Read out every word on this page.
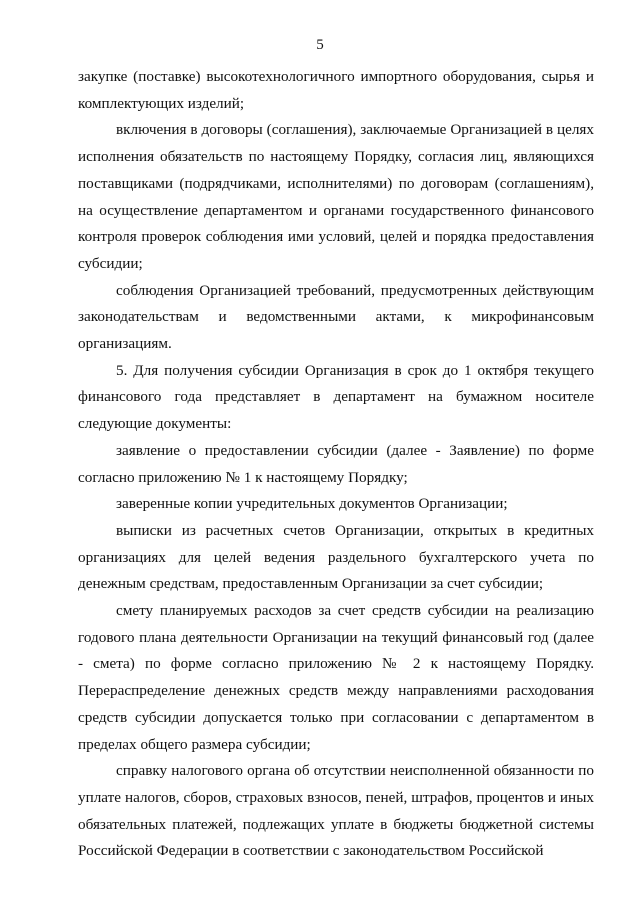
5

закупке (поставке) высокотехнологичного импортного оборудования, сырья и комплектующих изделий;

включения в договоры (соглашения), заключаемые Организацией в целях исполнения обязательств по настоящему Порядку, согласия лиц, являющихся поставщиками (подрядчиками, исполнителями) по договорам (соглашениям), на осуществление департаментом и органами государственного финансового контроля проверок соблюдения ими условий, целей и порядка предоставления субсидии;

соблюдения Организацией требований, предусмотренных действующим законодательствам и ведомственными актами, к микрофинансовым организациям.

5. Для получения субсидии Организация в срок до 1 октября текущего финансового года представляет в департамент на бумажном носителе следующие документы:

заявление о предоставлении субсидии (далее - Заявление) по форме согласно приложению № 1 к настоящему Порядку;

заверенные копии учредительных документов Организации;

выписки из расчетных счетов Организации, открытых в кредитных организациях для целей ведения раздельного бухгалтерского учета по денежным средствам, предоставленным Организации за счет субсидии;

смету планируемых расходов за счет средств субсидии на реализацию годового плана деятельности Организации на текущий финансовый год (далее - смета) по форме согласно приложению № 2 к настоящему Порядку. Перераспределение денежных средств между направлениями расходования средств субсидии допускается только при согласовании с департаментом в пределах общего размера субсидии;

справку налогового органа об отсутствии неисполненной обязанности по уплате налогов, сборов, страховых взносов, пеней, штрафов, процентов и иных обязательных платежей, подлежащих уплате в бюджеты бюджетной системы Российской Федерации в соответствии с законодательством Российской
